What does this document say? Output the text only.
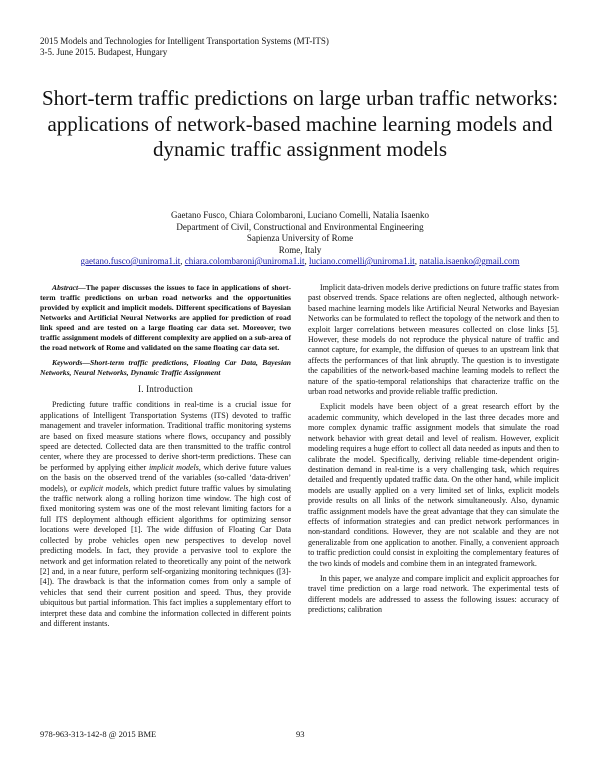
2015 Models and Technologies for Intelligent Transportation Systems (MT-ITS)
3-5. June 2015. Budapest, Hungary
Short-term traffic predictions on large urban traffic networks: applications of network-based machine learning models and dynamic traffic assignment models
Gaetano Fusco, Chiara Colombaroni, Luciano Comelli, Natalia Isaenko
Department of Civil, Constructional and Environmental Engineering
Sapienza University of Rome
Rome, Italy
gaetano.fusco@uniroma1.it, chiara.colombaroni@uniroma1.it, luciano.comelli@uniroma1.it, natalia.isaenko@gmail.com

Abstract—The paper discusses the issues to face in applications of short-term traffic predictions on urban road networks and the opportunities provided by explicit and implicit models. Different specifications of Bayesian Networks and Artificial Neural Networks are applied for prediction of road link speed and are tested on a large floating car data set. Moreover, two traffic assignment models of different complexity are applied on a sub-area of the road network of Rome and validated on the same floating car data set.

Keywords—Short-term traffic predictions, Floating Car Data, Bayesian Networks, Neural Networks, Dynamic Traffic Assignment

I. Introduction

Predicting future traffic conditions in real-time is a crucial issue for applications of Intelligent Transportation Systems (ITS) devoted to traffic management and traveler information. Traditional traffic monitoring systems are based on fixed measure stations where flows, occupancy and possibly speed are detected. Collected data are then transmitted to the traffic control center, where they are processed to derive short-term predictions. These can be performed by applying either implicit models, which derive future values on the basis on the observed trend of the variables (so-called ‘data-driven’ models), or explicit models, which predict future traffic values by simulating the traffic network along a rolling horizon time window. The high cost of fixed monitoring system was one of the most relevant limiting factors for a full ITS deployment although efficient algorithms for optimizing sensor locations were developed [1]. The wide diffusion of Floating Car Data collected by probe vehicles open new perspectives to develop novel predicting models. In fact, they provide a pervasive tool to explore the network and get information related to theoretically any point of the network [2] and, in a near future, perform self-organizing monitoring techniques ([3]-[4]). The drawback is that the information comes from only a sample of vehicles that send their current position and speed. Thus, they provide ubiquitous but partial information. This fact implies a supplementary effort to interpret these data and combine the information collected in different points and different instants.

Implicit data-driven models derive predictions on future traffic states from past observed trends. Space relations are often neglected, although network-based machine learning models like Artificial Neural Networks and Bayesian Networks can be formulated to reflect the topology of the network and then to exploit larger correlations between measures collected on close links [5]. However, these models do not reproduce the physical nature of traffic and cannot capture, for example, the diffusion of queues to an upstream link that affects the performances of that link abruptly. The question is to investigate the capabilities of the network-based machine learning models to reflect the nature of the spatio-temporal relationships that characterize traffic on the urban road networks and provide reliable traffic prediction.

Explicit models have been object of a great research effort by the academic community, which developed in the last three decades more and more complex dynamic traffic assignment models that simulate the road network behavior with great detail and level of realism. However, explicit modeling requires a huge effort to collect all data needed as inputs and then to calibrate the model. Specifically, deriving reliable time-dependent origin-destination demand in real-time is a very challenging task, which requires detailed and frequently updated traffic data. On the other hand, while implicit models are usually applied on a very limited set of links, explicit models provide results on all links of the network simultaneously. Also, dynamic traffic assignment models have the great advantage that they can simulate the effects of information strategies and can predict network performances in non-standard conditions. However, they are not scalable and they are not generalizable from one application to another. Finally, a convenient approach to traffic prediction could consist in exploiting the complementary features of the two kinds of models and combine them in an integrated framework.

In this paper, we analyze and compare implicit and explicit approaches for travel time prediction on a large road network. The experimental tests of different models are addressed to assess the following issues: accuracy of predictions; calibration

978-963-313-142-8 @ 2015 BME	93
